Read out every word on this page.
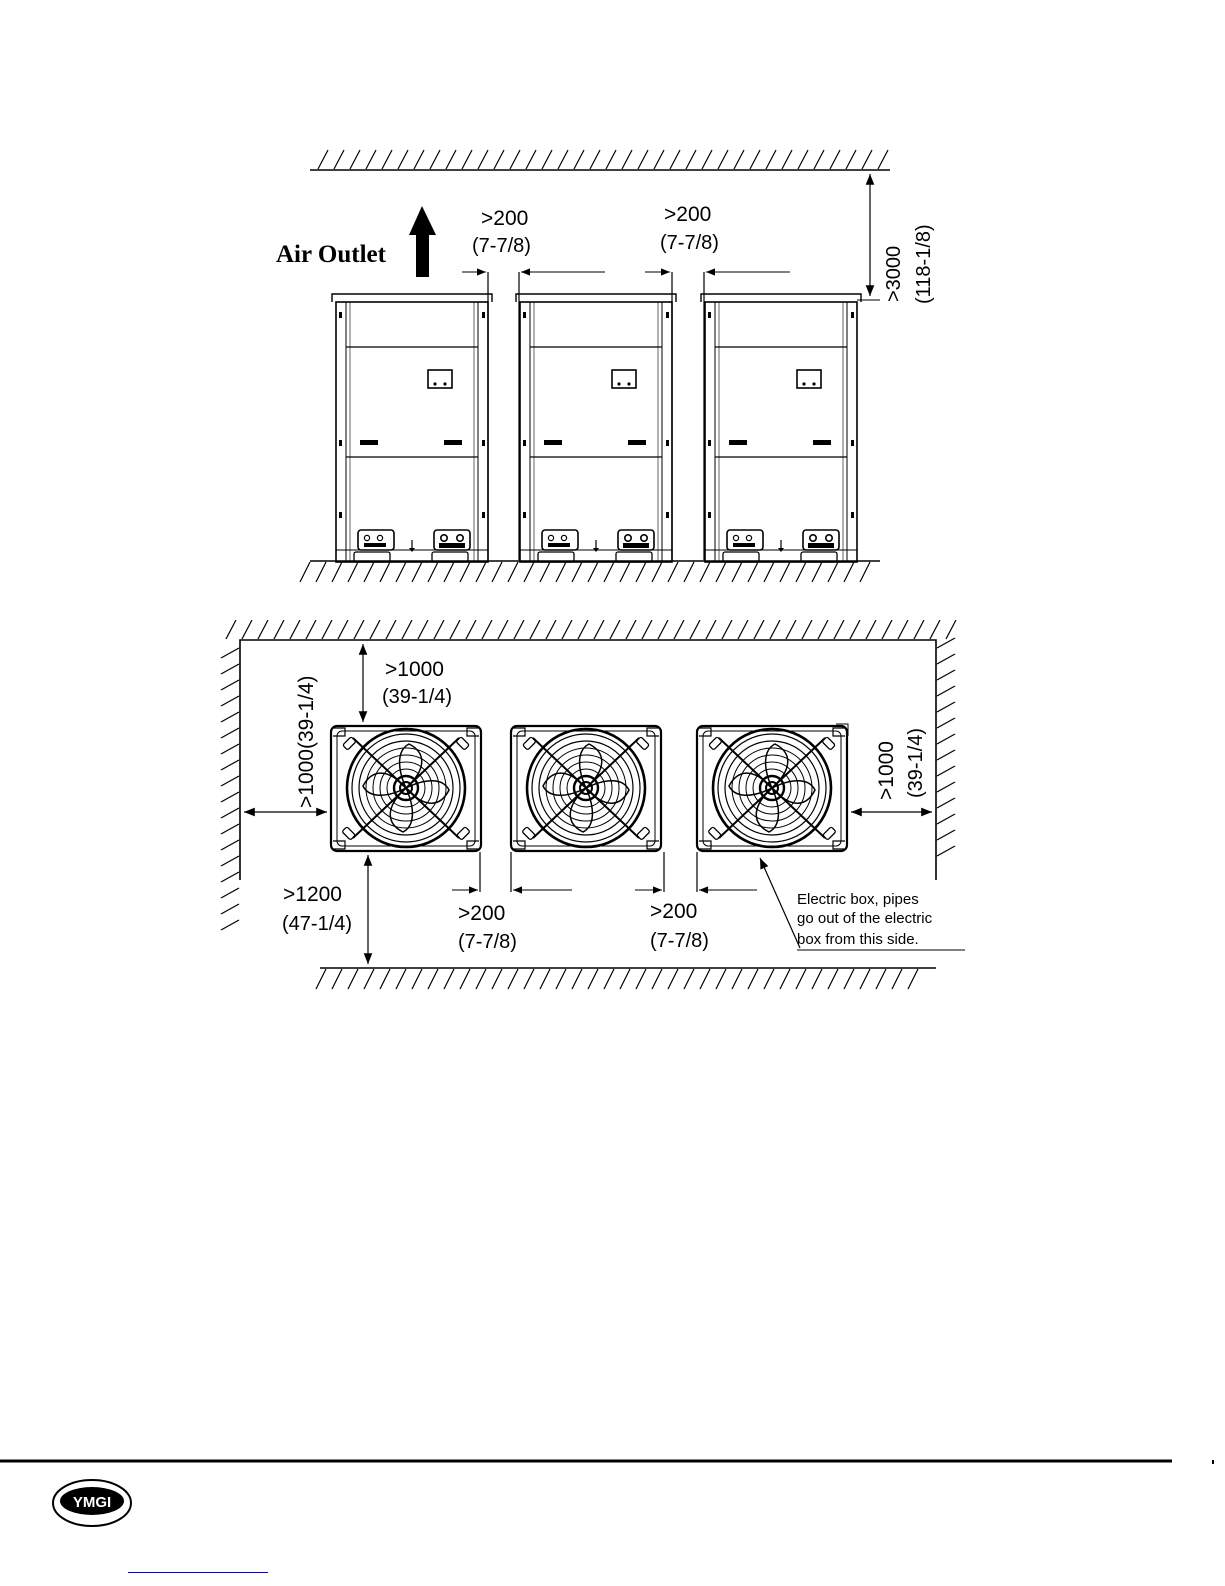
Air Outlet
>200
(7-7/8)
>200
(7-7/8)
>3000 (118-1/8)
>1000
(39-1/4)
>1000(39-1/4)	>1000 (39-1/4)
>1200
(47-1/4)	>200
(7-7/8)
>200
(7-7/8)
Electric box, pipes
go out of the electric
box from this side.
YMGI
